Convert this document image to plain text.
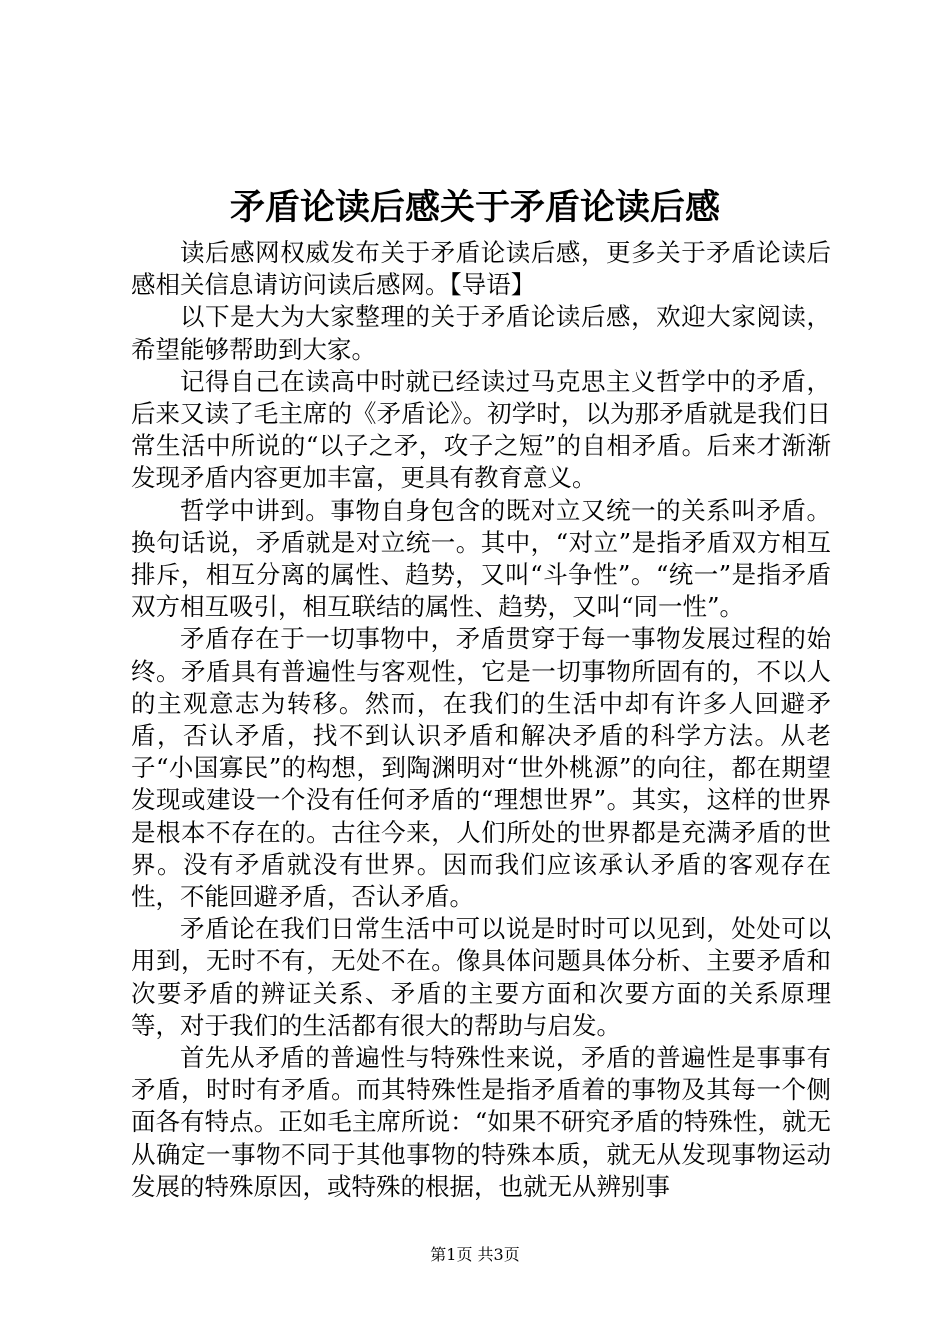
矛盾论读后感关于矛盾论读后感

读后感网权威发布关于矛盾论读后感，更多关于矛盾论读后感相关信息请访问读后感网。【导语】

以下是大为大家整理的关于矛盾论读后感，欢迎大家阅读，希望能够帮助到大家。

记得自己在读高中时就已经读过马克思主义哲学中的矛盾，后来又读了毛主席的《矛盾论》。初学时，以为那矛盾就是我们日常生活中所说的“以子之矛，攻子之短”的自相矛盾。后来才渐渐发现矛盾内容更加丰富，更具有教育意义。

哲学中讲到。事物自身包含的既对立又统一的关系叫矛盾。换句话说，矛盾就是对立统一。其中，“对立”是指矛盾双方相互排斥，相互分离的属性、趋势，又叫“斗争性”。“统一”是指矛盾双方相互吸引，相互联结的属性、趋势，又叫“同一性”。

矛盾存在于一切事物中，矛盾贯穿于每一事物发展过程的始终。矛盾具有普遍性与客观性，它是一切事物所固有的，不以人的主观意志为转移。然而，在我们的生活中却有许多人回避矛盾，否认矛盾，找不到认识矛盾和解决矛盾的科学方法。从老子“小国寡民”的构想，到陶渊明对“世外桃源”的向往，都在期望发现或建设一个没有任何矛盾的“理想世界”。其实，这样的世界是根本不存在的。古往今来，人们所处的世界都是充满矛盾的世界。没有矛盾就没有世界。因而我们应该承认矛盾的客观存在性，不能回避矛盾，否认矛盾。

矛盾论在我们日常生活中可以说是时时可以见到，处处可以用到，无时不有，无处不在。像具体问题具体分析、主要矛盾和次要矛盾的辨证关系、矛盾的主要方面和次要方面的关系原理等，对于我们的生活都有很大的帮助与启发。

首先从矛盾的普遍性与特殊性来说，矛盾的普遍性是事事有矛盾，时时有矛盾。而其特殊性是指矛盾着的事物及其每一个侧面各有特点。正如毛主席所说：“如果不研究矛盾的特殊性，就无从确定一事物不同于其他事物的特殊本质，就无从发现事物运动发展的特殊原因，或特殊的根据，也就无从辨别事

第1页 共3页
